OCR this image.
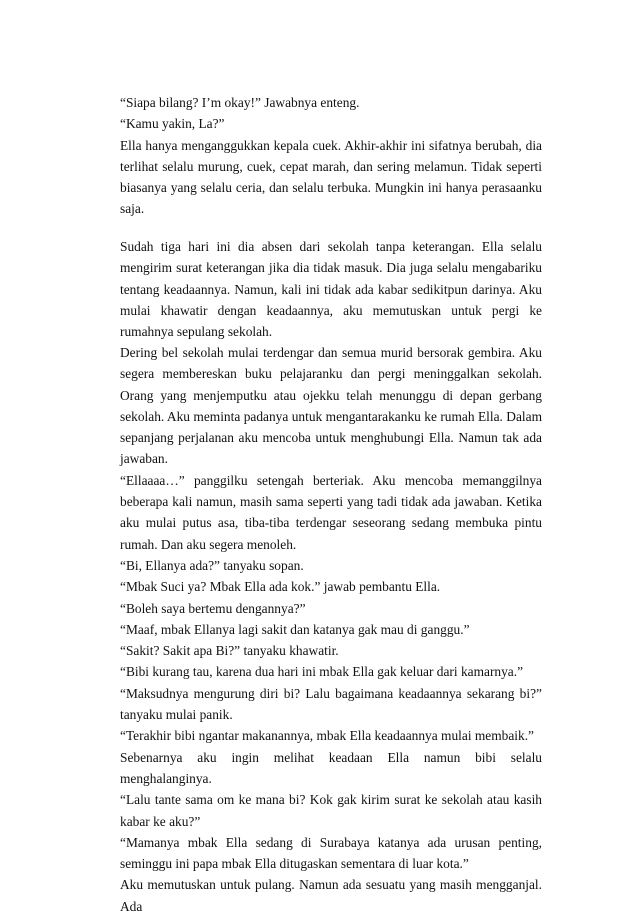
“Siapa bilang? I’m okay!” Jawabnya enteng.

“Kamu yakin, La?”

Ella hanya menganggukkan kepala cuek. Akhir-akhir ini sifatnya berubah, dia terlihat selalu murung, cuek, cepat marah, dan sering melamun. Tidak seperti biasanya yang selalu ceria, dan selalu terbuka. Mungkin ini hanya perasaanku saja.

Sudah tiga hari ini dia absen dari sekolah tanpa keterangan. Ella selalu mengirim surat keterangan jika dia tidak masuk. Dia juga selalu mengabariku tentang keadaannya. Namun, kali ini tidak ada kabar sedikitpun darinya. Aku mulai khawatir dengan keadaannya, aku memutuskan untuk pergi ke rumahnya sepulang sekolah.

Dering bel sekolah mulai terdengar dan semua murid bersorak gembira. Aku segera membereskan buku pelajaranku dan pergi meninggalkan sekolah. Orang yang menjemputku atau ojekku telah menunggu di depan gerbang sekolah. Aku meminta padanya untuk mengantarakanku ke rumah Ella. Dalam sepanjang perjalanan aku mencoba untuk menghubungi Ella. Namun tak ada jawaban.

“Ellaaaa…” panggilku setengah berteriak. Aku mencoba memanggilnya beberapa kali namun, masih sama seperti yang tadi tidak ada jawaban. Ketika aku mulai putus asa, tiba-tiba terdengar seseorang sedang membuka pintu rumah. Dan aku segera menoleh.

“Bi, Ellanya ada?” tanyaku sopan.

“Mbak Suci ya? Mbak Ella ada kok.” jawab pembantu Ella.

“Boleh saya bertemu dengannya?”

“Maaf, mbak Ellanya lagi sakit dan katanya gak mau di ganggu.”

“Sakit? Sakit apa Bi?” tanyaku khawatir.

“Bibi kurang tau, karena dua hari ini mbak Ella gak keluar dari kamarnya.”

“Maksudnya mengurung diri bi? Lalu bagaimana keadaannya sekarang bi?” tanyaku mulai panik.

“Terakhir bibi ngantar makanannya, mbak Ella keadaannya mulai membaik.”

Sebenarnya aku ingin melihat keadaan Ella namun bibi selalu menghalanginya.

“Lalu tante sama om ke mana bi? Kok gak kirim surat ke sekolah atau kasih kabar ke aku?”

“Mamanya mbak Ella sedang di Surabaya katanya ada urusan penting, seminggu ini papa mbak Ella ditugaskan sementara di luar kota.”

Aku memutuskan untuk pulang. Namun ada sesuatu yang masih mengganjal. Ada
